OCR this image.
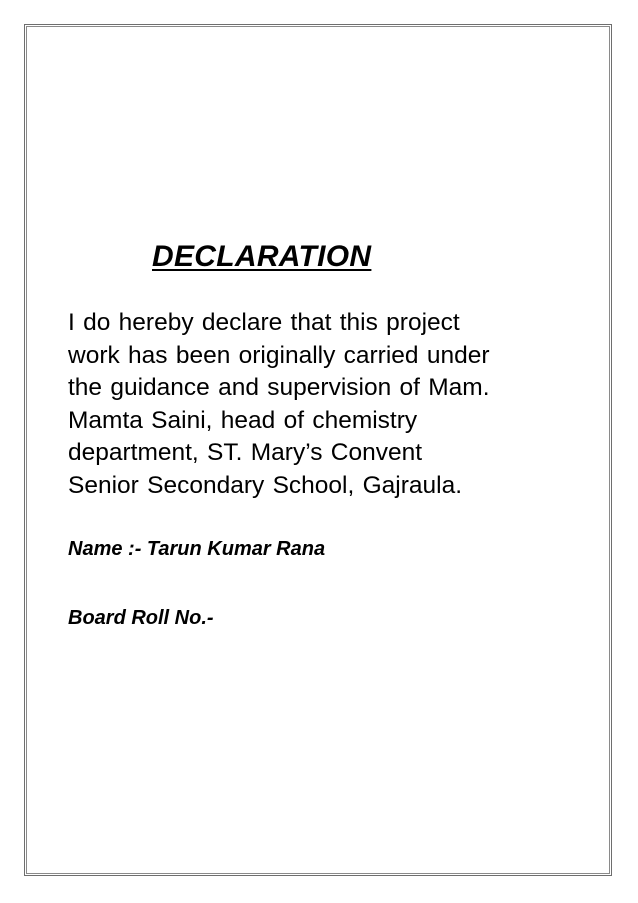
DECLARATION

I do hereby declare that this project
work has been originally carried under
the guidance and supervision of Mam.
Mamta Saini, head of chemistry
department, ST. Mary’s Convent
Senior Secondary School, Gajraula.

Name :- Tarun Kumar Rana

Board Roll No.-
